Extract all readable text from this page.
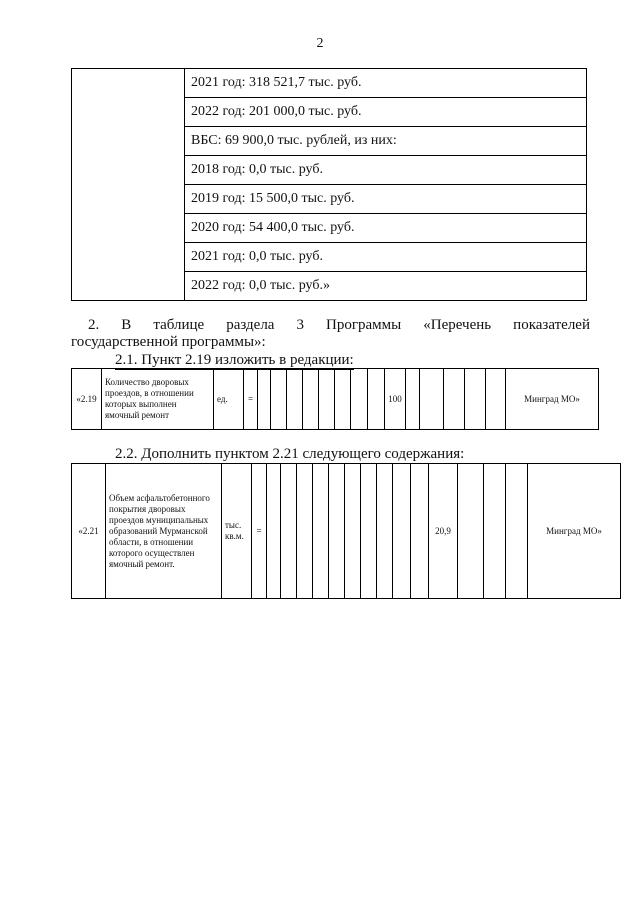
2
	2021 год: 318 521,7 тыс. руб.
2022 год: 201 000,0 тыс. руб.
ВБС: 69 900,0 тыс. рублей, из них:
2018 год: 0,0 тыс. руб.
2019 год: 15 500,0 тыс. руб.
2020 год: 54 400,0 тыс. руб.
2021 год: 0,0 тыс. руб.
2022 год: 0,0 тыс. руб.»
2. В таблице раздела 3 Программы «Перечень показателей
государственной программы»:
2.1. Пункт 2.19 изложить в редакции:
«2.19	Количество дворовых проездов, в отношении которых выполнен ямочный ремонт	ед.	=									100						Минград МО»
2.2. Дополнить пунктом 2.21 следующего содержания:
«2.21	Объем асфальтобетонного покрытия дворовых проездов муниципальных образований Мурманской области, в отношении которого осуществлен ямочный ремонт.	тыс. кв.м.	=											20,9				Минград МО»
